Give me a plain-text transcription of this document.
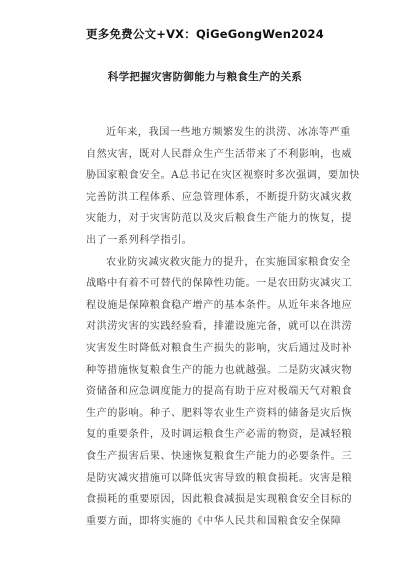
更多免费公文+VX：QiGeGongWen2024
科学把握灾害防御能力与粮食生产的关系
近年来，我国一些地方频繁发生的洪涝、冰冻等严重
自然灾害，既对人民群众生产生活带来了不利影响，也威
胁国家粮食安全。A总书记在灾区视察时多次强调，要加快
完善防洪工程体系、应急管理体系，不断提升防灾减灾救
灾能力，对于灾害防范以及灾后粮食生产能力的恢复，提
出了一系列科学指引。
农业防灾减灾救灾能力的提升，在实施国家粮食安全
战略中有着不可替代的保障性功能。一是农田防灾减灾工
程设施是保障粮食稳产增产的基本条件。从近年来各地应
对洪涝灾害的实践经验看，排灌设施完备，就可以在洪涝
灾害发生时降低对粮食生产损失的影响，灾后通过及时补
种等措施恢复粮食生产的能力也就越强。二是防灾减灾物
资储备和应急调度能力的提高有助于应对极端天气对粮食
生产的影响。种子、肥料等农业生产资料的储备是灾后恢
复的重要条件，及时调运粮食生产必需的物资，是减轻粮
食生产损害后果、快速恢复粮食生产能力的必要条件。三
是防灾减灾措施可以降低灾害导致的粮食损耗。灾害是粮
食损耗的重要原因，因此粮食减损是实现粮食安全目标的
重要方面，即将实施的《中华人民共和国粮食安全保障
